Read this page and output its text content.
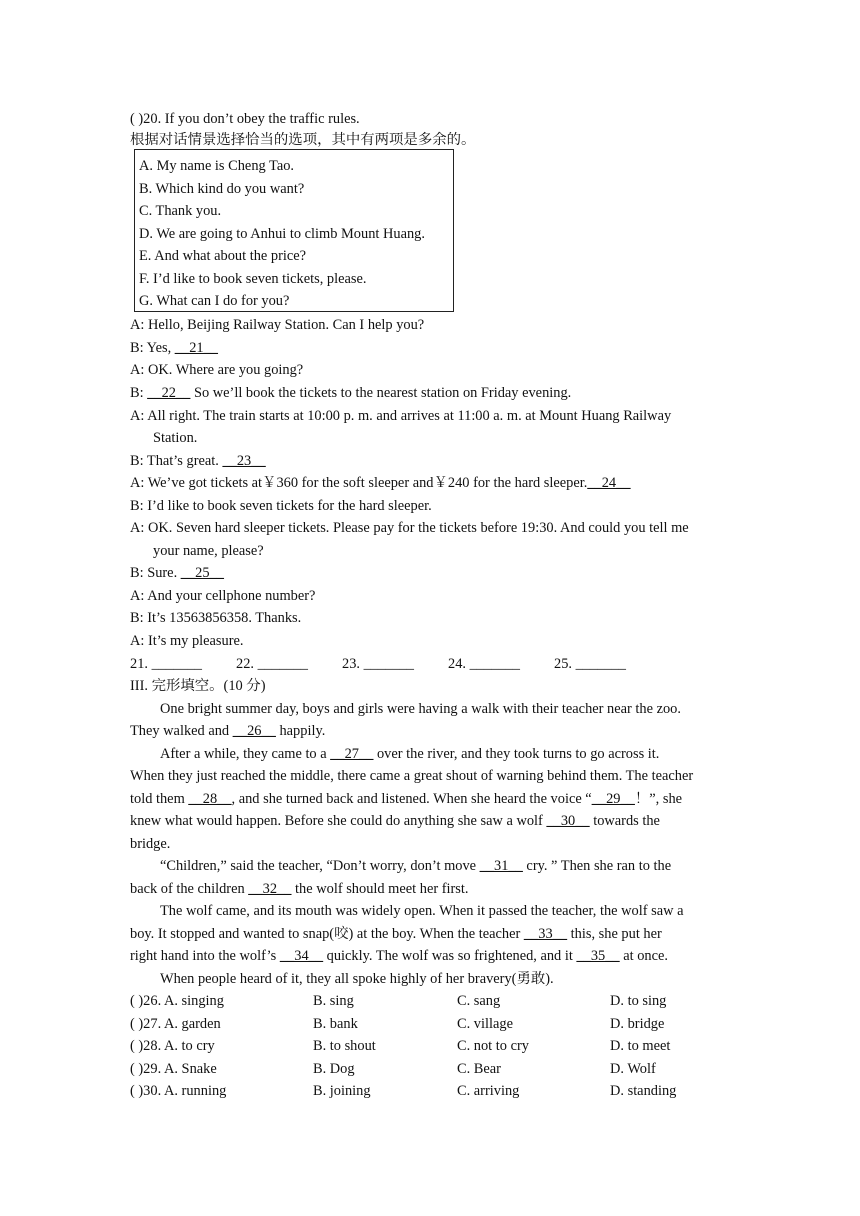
( )20. If you don’t obey the traffic rules.
根据对话情景选择恰当的选项，其中有两项是多余的。
A. My name is Cheng Tao.
B. Which kind do you want?
C. Thank you.
D. We are going to Anhui to climb Mount Huang.
E. And what about the price?
F. I’d like to book seven tickets, please.
G. What can I do for you?
A: Hello, Beijing Railway Station. Can I help you?
B: Yes, __21__
A: OK. Where are you going?
B: __22__ So we’ll book the tickets to the nearest station on Friday evening.
A: All right. The train starts at 10:00 p. m. and arrives at 11:00 a. m. at Mount Huang Railway
Station.
B: That’s great. __23__
A: We’ve got tickets at￥360 for the soft sleeper and￥240 for the hard sleeper.__24__
B: I’d like to book seven tickets for the hard sleeper.
A: OK. Seven hard sleeper tickets. Please pay for the tickets before 19:30. And could you tell me
your name, please?
B: Sure. __25__
A: And your cellphone number?
B: It’s 13563856358. Thanks.
A: It’s my pleasure.
21. _______ 22. _______ 23. _______ 24. _______ 25. _______
III. 完形填空。(10 分)
One bright summer day, boys and girls were having a walk with their teacher near the zoo.
They walked and __26__ happily.
After a while, they came to a __27__ over the river, and they took turns to go across it.
When they just reached the middle, there came a great shout of warning behind them. The teacher
told them __28__, and she turned back and listened. When she heard the voice “__29__！”, she
knew what would happen. Before she could do anything she saw a wolf __30__ towards the
bridge.
“Children,” said the teacher, “Don’t worry, don’t move __31__ cry. ” Then she ran to the
back of the children __32__ the wolf should meet her first.
The wolf came, and its mouth was widely open. When it passed the teacher, the wolf saw a
boy. It stopped and wanted to snap(咬) at the boy. When the teacher __33__ this, she put her
right hand into the wolf’s __34__ quickly. The wolf was so frightened, and it __35__ at once.
When people heard of it, they all spoke highly of her bravery(勇敢).
( )26. A. singing	B. sing	C. sang	D. to sing
( )27. A. garden	B. bank	C. village	D. bridge
( )28. A. to cry	B. to shout	C. not to cry	D. to meet
( )29. A. Snake	B. Dog	C. Bear	D. Wolf
( )30. A. running	B. joining	C. arriving	D. standing
